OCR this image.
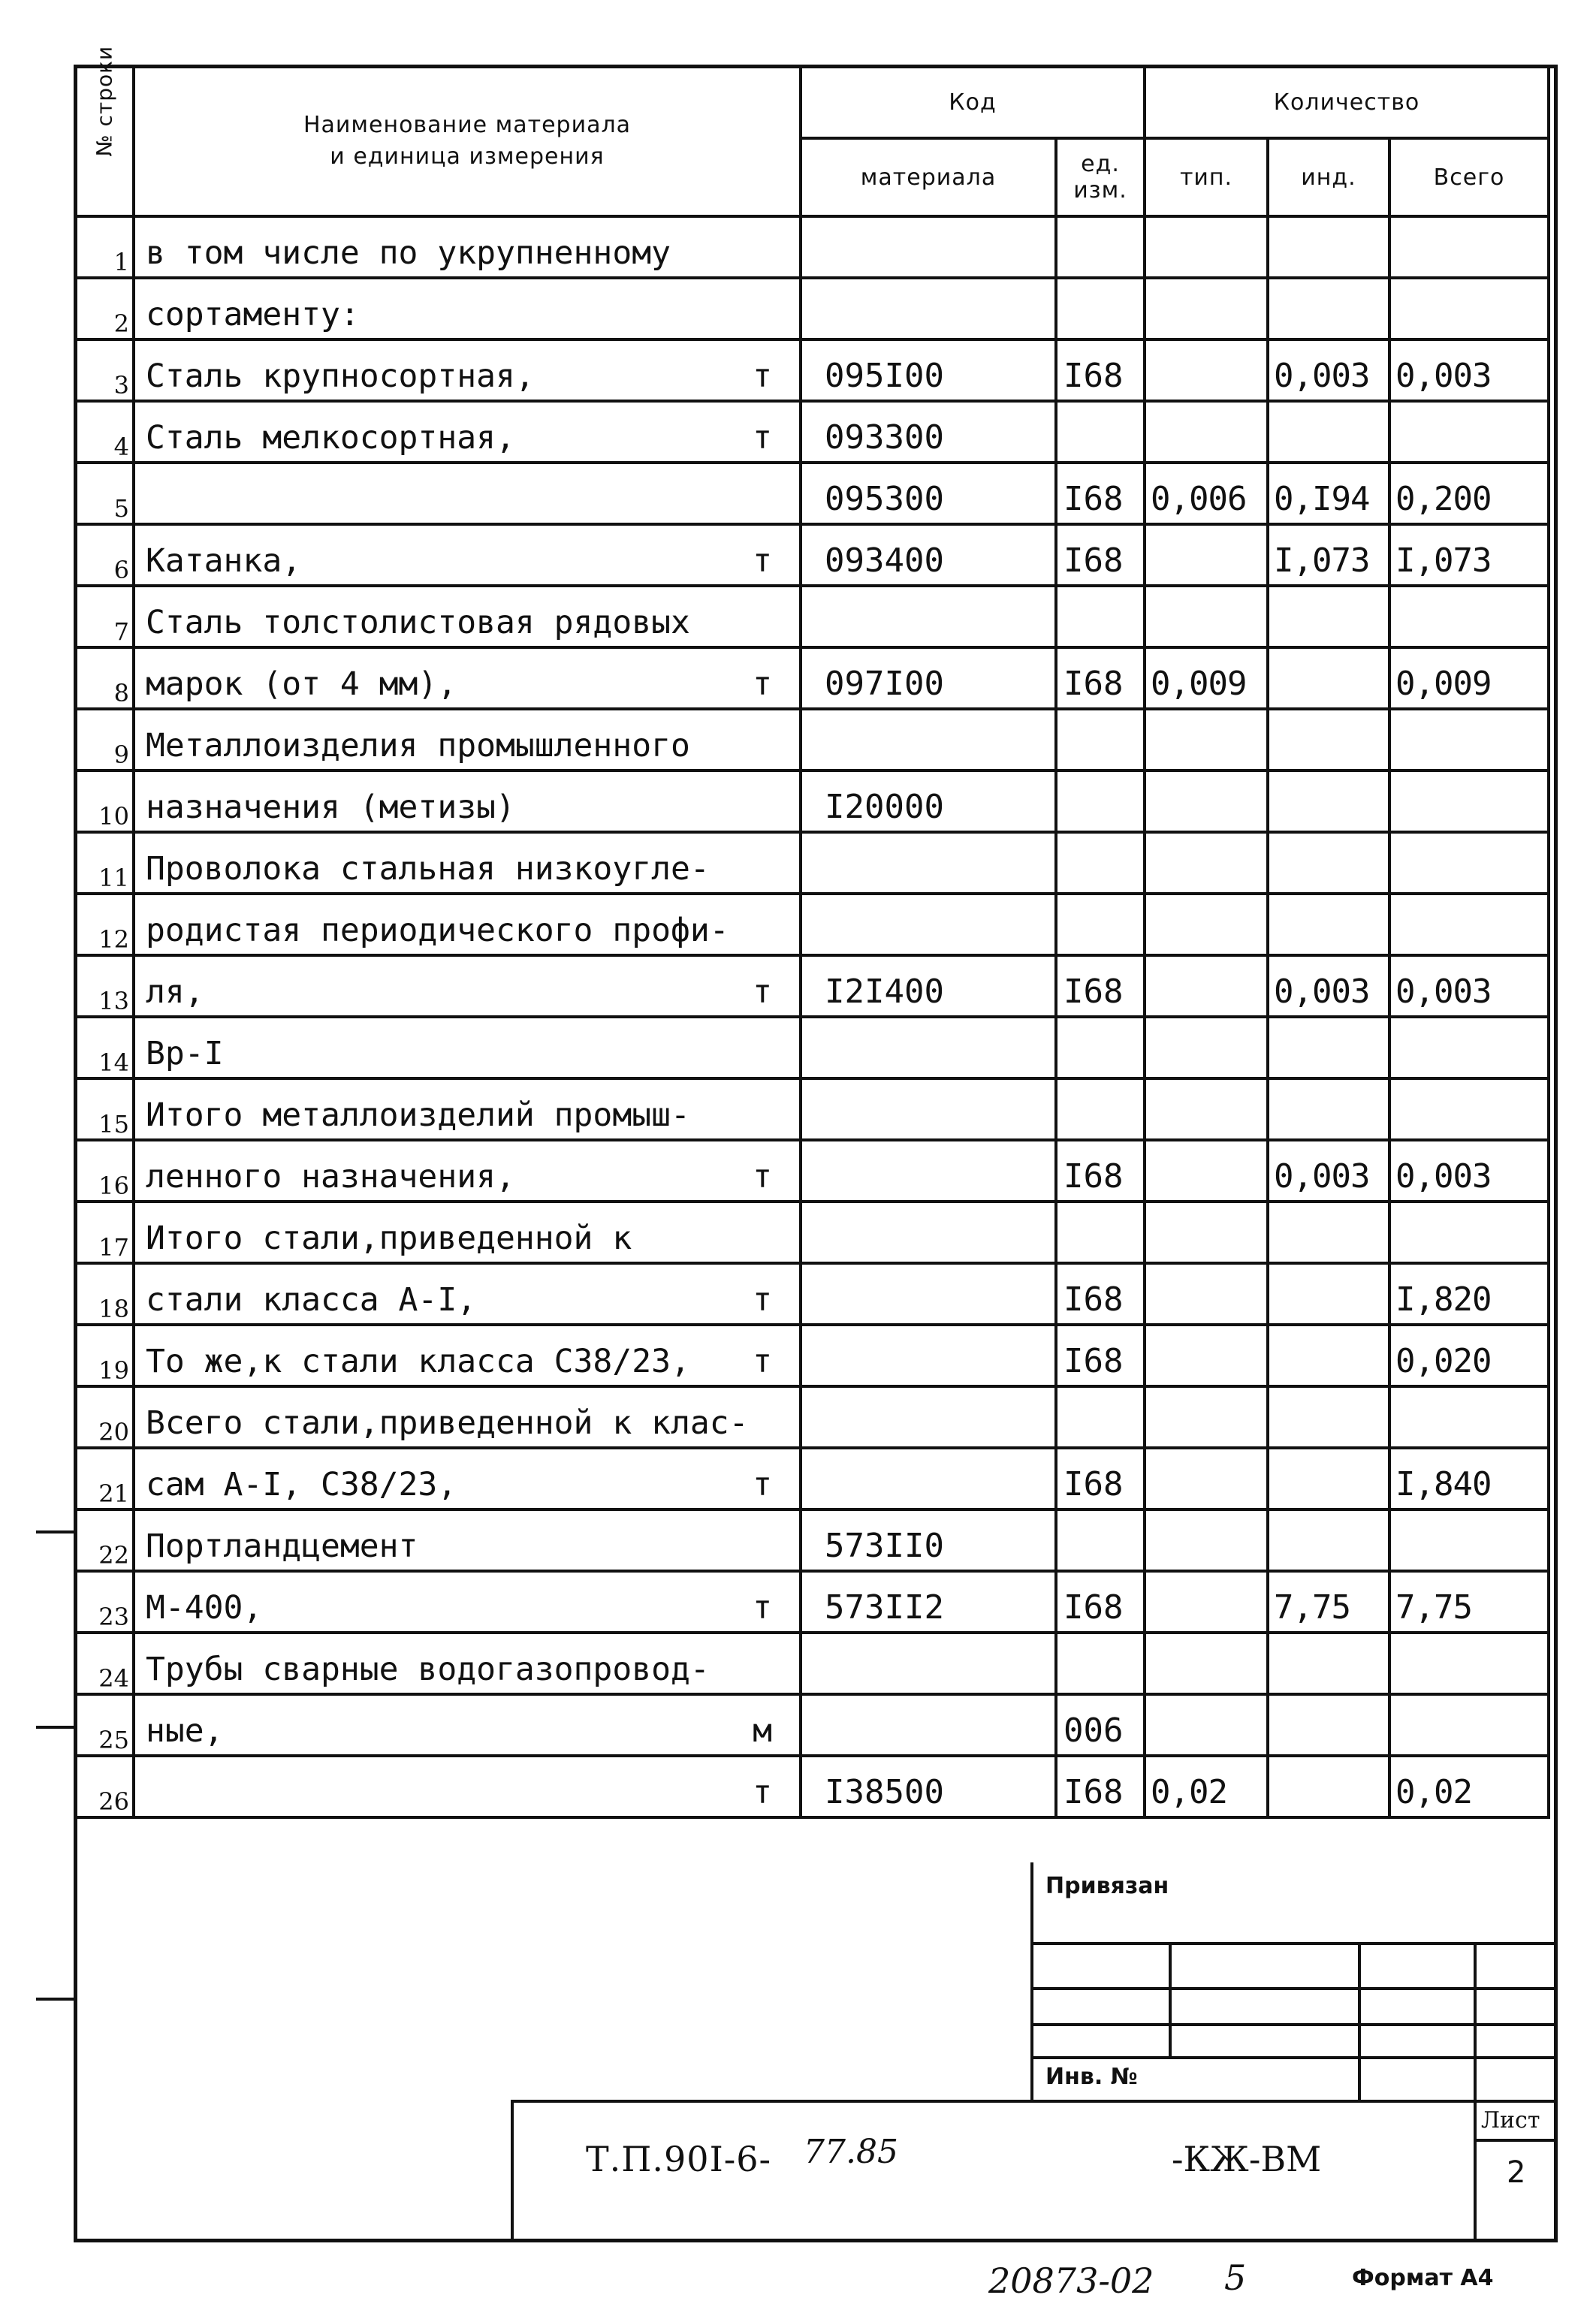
№ строки	Наименование материала
и единица измерения	Код		Количество		
		материала	ед. изм.	тип.	инд.	Всего
1	в том числе по укрупненному

2	сортаменту:

3	Сталь крупносортная, т	095I00	I68		0,003	0,003
4	Сталь мелкосортная, т	093300				
5		095300	I68	0,006	0,I94	0,200
6	Катанка, т	093400	I68		I,073	I,073
7	Сталь толстолистовая рядовых

8	марок (от 4 мм), т	097I00	I68	0,009		0,009
9	Металлоизделия промышленного

10	назначения (метизы)	I20000				
11	Проволока стальная низкоугле-

12	родистая периодического профи-

13	ля, т	I2I400	I68		0,003	0,003
14	Вр-I

15	Итого металлоизделий промыш-

16	ленного назначения, т		I68		0,003	0,003
17	Итого стали,приведенной к

18	стали класса А-I, т		I68			I,820
19	То же,к стали класса С38/23, т		I68			0,020
20	Всего стали,приведенной к клас-

21	сам А-I, С38/23, т		I68			I,840
22	Портландцемент	573II0				
23	М-400, т	573II2	I68		7,75	7,75
24	Трубы сварные водогазопровод-

25	ные, м		006			
26	т	I38500	I68	0,02		0,02
Привязан
Инв. №
Т.П.90I-6- 77.85	-КЖ-ВМ
Лист
2
20873-02 5	Формат А4
